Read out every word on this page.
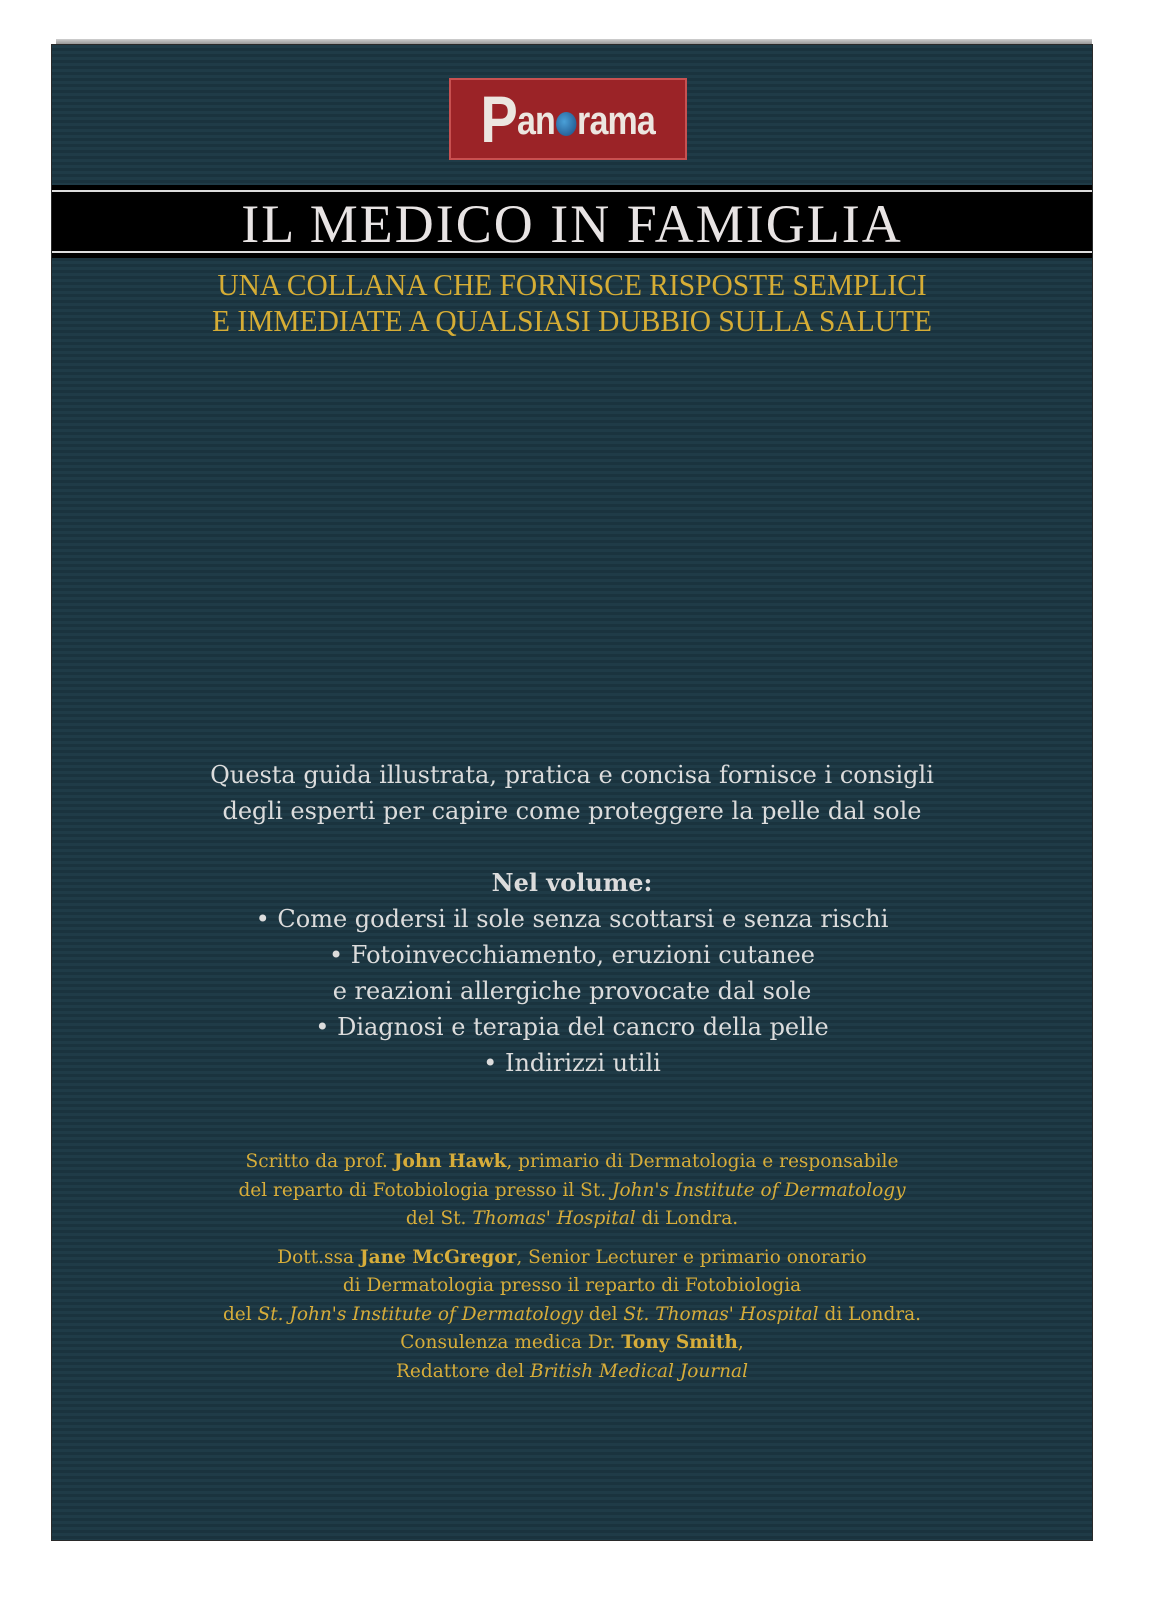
Pan rama
IL MEDICO IN FAMIGLIA
UNA COLLANA CHE FORNISCE RISPOSTE SEMPLICI
E IMMEDIATE A QUALSIASI DUBBIO SULLA SALUTE
Questa guida illustrata, pratica e concisa fornisce i consigli
degli esperti per capire come proteggere la pelle dal sole
Nel volume:
• Come godersi il sole senza scottarsi e senza rischi
• Fotoinvecchiamento, eruzioni cutanee
e reazioni allergiche provocate dal sole
• Diagnosi e terapia del cancro della pelle
• Indirizzi utili
Scritto da prof. John Hawk, primario di Dermatologia e responsabile
del reparto di Fotobiologia presso il St. John's Institute of Dermatology
del St. Thomas' Hospital di Londra.
Dott.ssa Jane McGregor, Senior Lecturer e primario onorario
di Dermatologia presso il reparto di Fotobiologia
del St. John's Institute of Dermatology del St. Thomas' Hospital di Londra.
Consulenza medica Dr. Tony Smith,
Redattore del British Medical Journal
